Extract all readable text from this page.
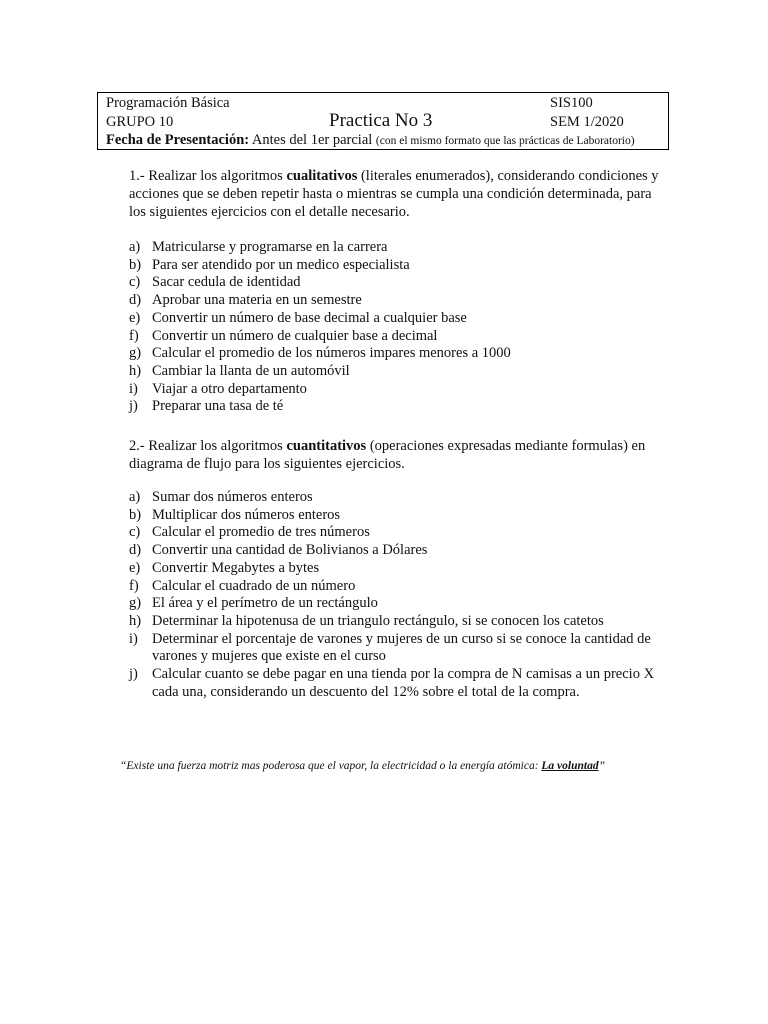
Programación Básica	SIS100
GRUPO 10	Practica No 3	SEM 1/2020
Fecha de Presentación: Antes del 1er parcial (con el mismo formato que las prácticas de Laboratorio)

1.- Realizar los algoritmos cualitativos (literales enumerados), considerando condiciones y acciones que se deben repetir hasta o mientras se cumpla una condición determinada, para los siguientes ejercicios con el detalle necesario.

a) Matricularse y programarse en la carrera
b) Para ser atendido por un medico especialista
c) Sacar cedula de identidad
d) Aprobar una materia en un semestre
e) Convertir un número de base decimal a cualquier base
f) Convertir un número de cualquier base a decimal
g) Calcular el promedio de los números impares menores a 1000
h) Cambiar la llanta de un automóvil
i) Viajar a otro departamento
j) Preparar una tasa de té

2.- Realizar los algoritmos cuantitativos (operaciones expresadas mediante formulas) en diagrama de flujo para los siguientes ejercicios.

a) Sumar dos números enteros
b) Multiplicar dos números enteros
c) Calcular el promedio de tres números
d) Convertir una cantidad de Bolivianos a Dólares
e) Convertir Megabytes a bytes
f) Calcular el cuadrado de un número
g) El área y el perímetro de un rectángulo
h) Determinar la hipotenusa de un triangulo rectángulo, si se conocen los catetos
i) Determinar el porcentaje de varones y mujeres de un curso si se conoce la cantidad de varones y mujeres que existe en el curso
j) Calcular cuanto se debe pagar en una tienda por la compra de N camisas a un precio X cada una, considerando un descuento del 12% sobre el total de la compra.
“Existe una fuerza motriz mas poderosa que el vapor, la electricidad o la energía atómica: La voluntad”
